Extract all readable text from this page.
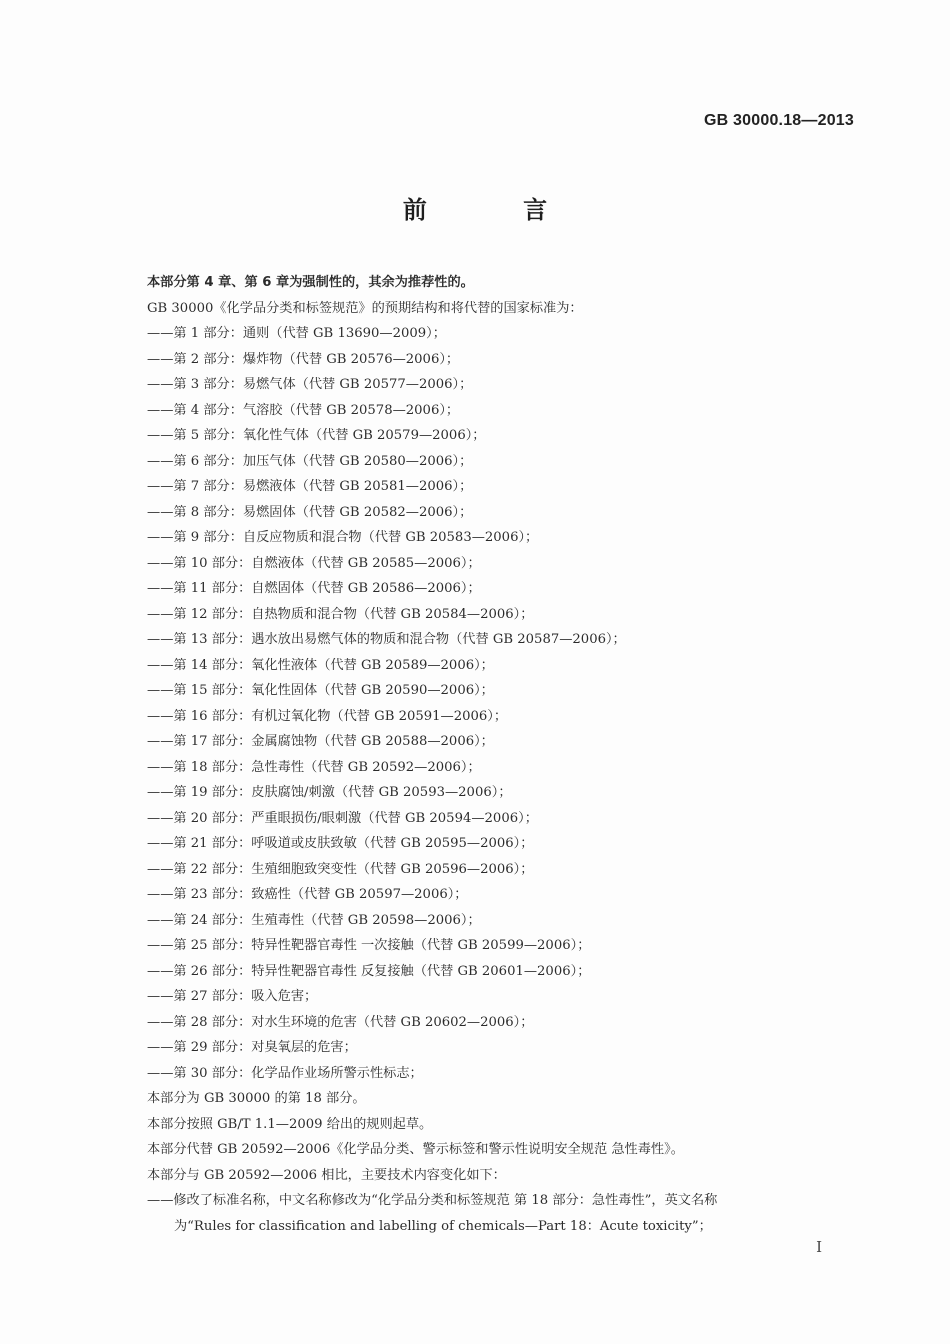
GB 30000.18—2013
前 言

本部分第 4 章、第 6 章为强制性的，其余为推荐性的。

GB 30000《化学品分类和标签规范》的预期结构和将代替的国家标准为：

——第 1 部分：通则（代替 GB 13690—2009）；

——第 2 部分：爆炸物（代替 GB 20576—2006）；

——第 3 部分：易燃气体（代替 GB 20577—2006）；

——第 4 部分：气溶胶（代替 GB 20578—2006）；

——第 5 部分：氧化性气体（代替 GB 20579—2006）；

——第 6 部分：加压气体（代替 GB 20580—2006）；

——第 7 部分：易燃液体（代替 GB 20581—2006）；

——第 8 部分：易燃固体（代替 GB 20582—2006）；

——第 9 部分：自反应物质和混合物（代替 GB 20583—2006）；

——第 10 部分：自燃液体（代替 GB 20585—2006）；

——第 11 部分：自燃固体（代替 GB 20586—2006）；

——第 12 部分：自热物质和混合物（代替 GB 20584—2006）；

——第 13 部分：遇水放出易燃气体的物质和混合物（代替 GB 20587—2006）；

——第 14 部分：氧化性液体（代替 GB 20589—2006）；

——第 15 部分：氧化性固体（代替 GB 20590—2006）；

——第 16 部分：有机过氧化物（代替 GB 20591—2006）；

——第 17 部分：金属腐蚀物（代替 GB 20588—2006）；

——第 18 部分：急性毒性（代替 GB 20592—2006）；

——第 19 部分：皮肤腐蚀/刺激（代替 GB 20593—2006）；

——第 20 部分：严重眼损伤/眼刺激（代替 GB 20594—2006）；

——第 21 部分：呼吸道或皮肤致敏（代替 GB 20595—2006）；

——第 22 部分：生殖细胞致突变性（代替 GB 20596—2006）；

——第 23 部分：致癌性（代替 GB 20597—2006）；

——第 24 部分：生殖毒性（代替 GB 20598—2006）；

——第 25 部分：特异性靶器官毒性 一次接触（代替 GB 20599—2006）；

——第 26 部分：特异性靶器官毒性 反复接触（代替 GB 20601—2006）；

——第 27 部分：吸入危害；

——第 28 部分：对水生环境的危害（代替 GB 20602—2006）；

——第 29 部分：对臭氧层的危害；

——第 30 部分：化学品作业场所警示性标志；

本部分为 GB 30000 的第 18 部分。

本部分按照 GB/T 1.1—2009 给出的规则起草。

本部分代替 GB 20592—2006《化学品分类、警示标签和警示性说明安全规范 急性毒性》。

本部分与 GB 20592—2006 相比，主要技术内容变化如下：

——修改了标准名称，中文名称修改为“化学品分类和标签规范 第 18 部分：急性毒性”，英文名称

为“Rules for classification and labelling of chemicals—Part 18：Acute toxicity”；

I
